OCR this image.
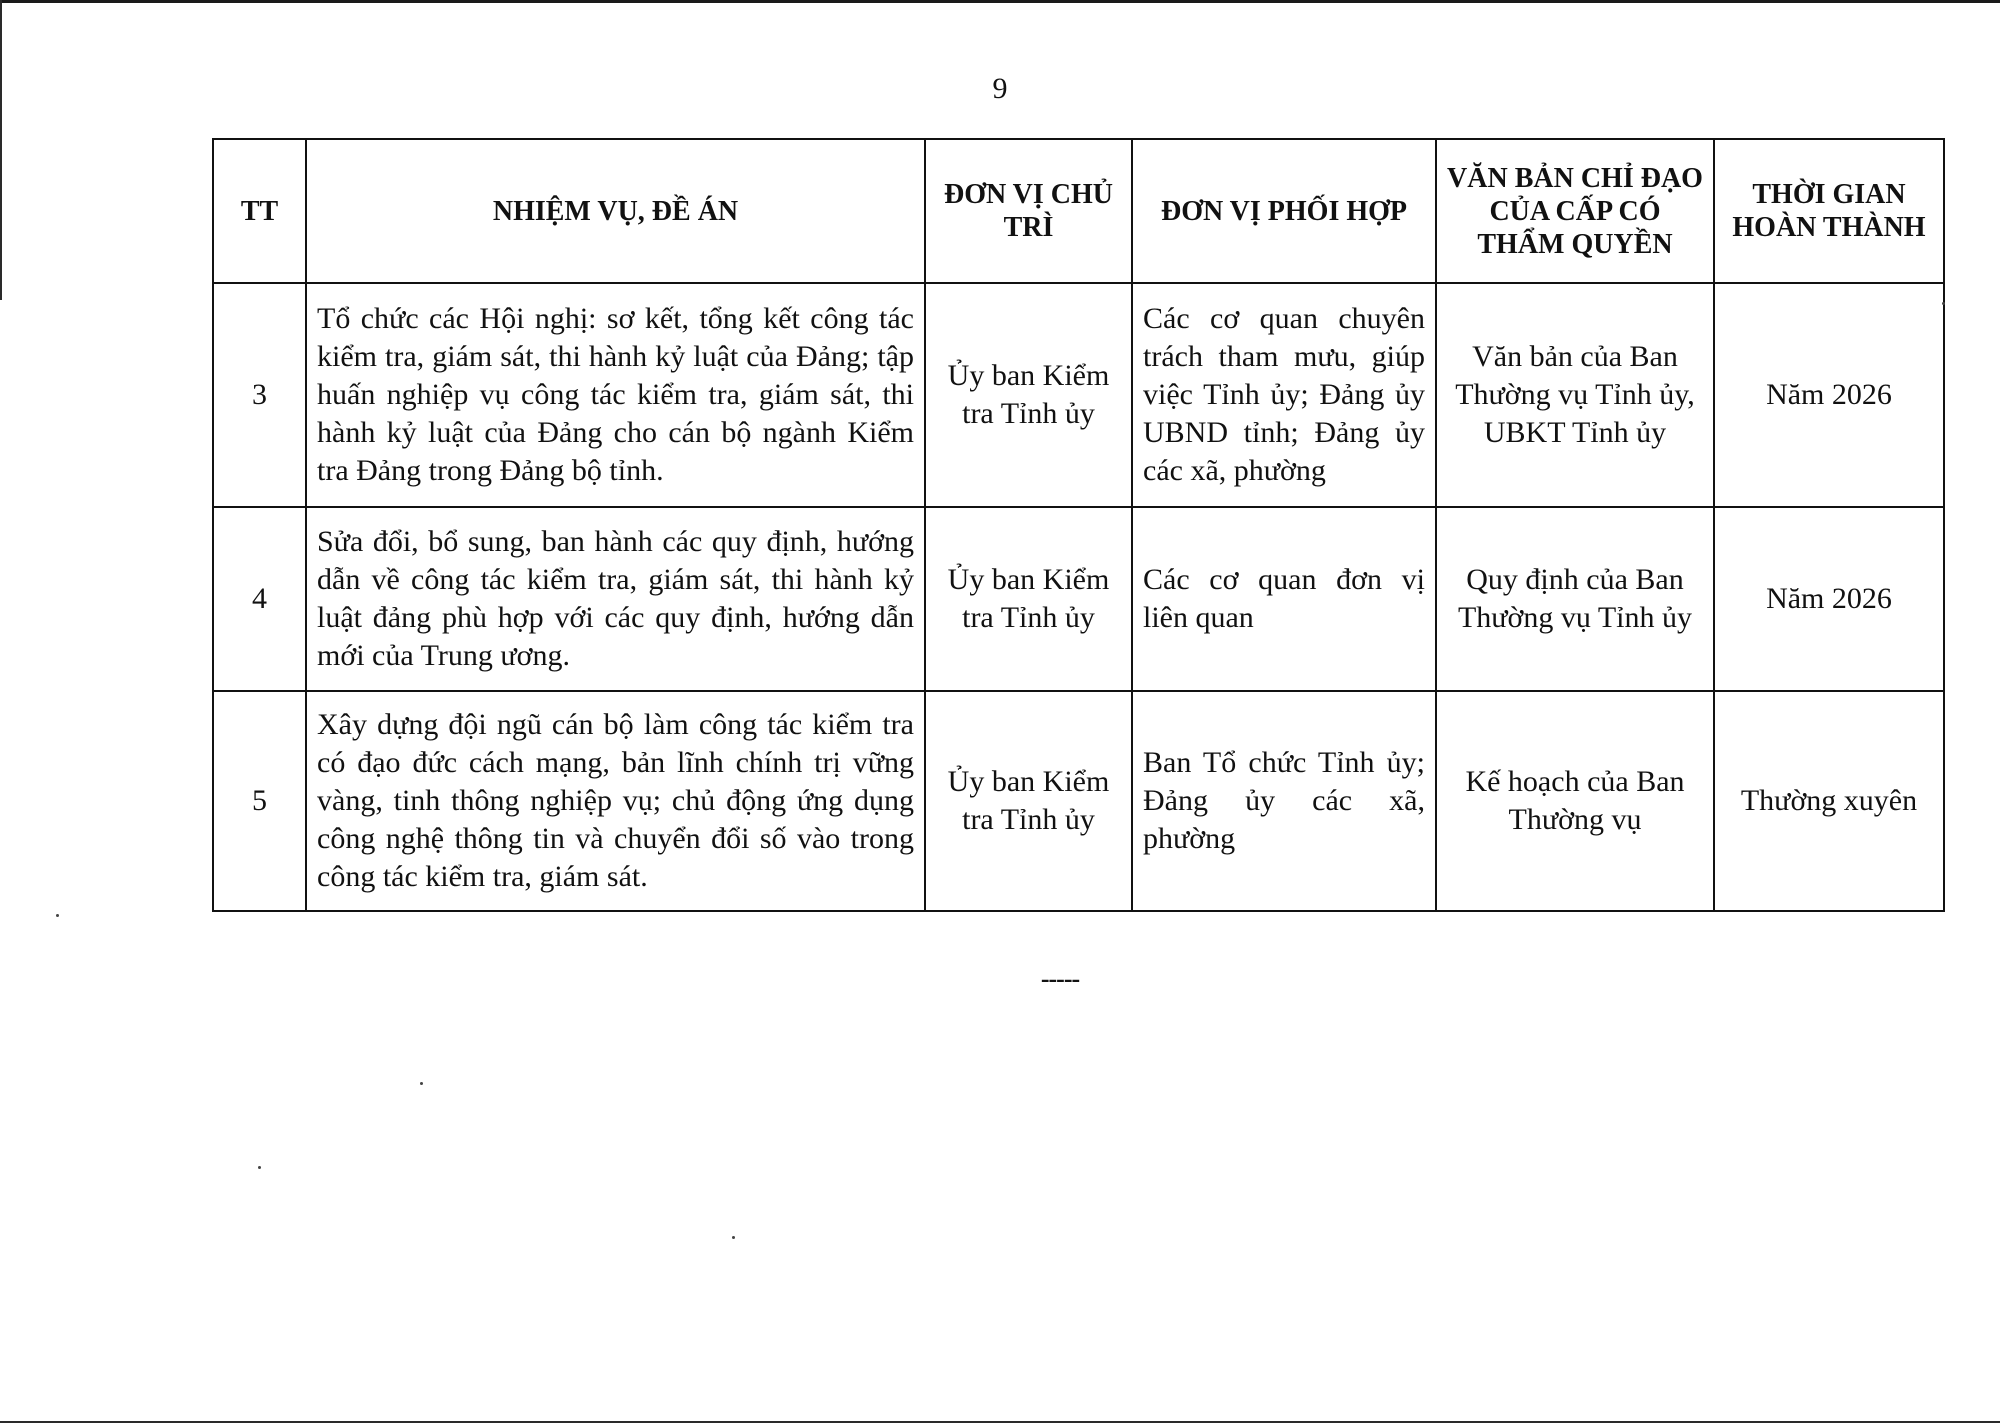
9
TT	NHIỆM VỤ, ĐỀ ÁN	ĐƠN VỊ CHỦ TRÌ	ĐƠN VỊ PHỐI HỢP	VĂN BẢN CHỈ ĐẠO CỦA CẤP CÓ THẨM QUYỀN	THỜI GIAN HOÀN THÀNH
3	Tổ chức các Hội nghị: sơ kết, tổng kết công tác kiểm tra, giám sát, thi hành kỷ luật của Đảng; tập huấn nghiệp vụ công tác kiểm tra, giám sát, thi hành kỷ luật của Đảng cho cán bộ ngành Kiểm tra Đảng trong Đảng bộ tỉnh.	Ủy ban Kiểm tra Tỉnh ủy	Các cơ quan chuyên trách tham mưu, giúp việc Tỉnh ủy; Đảng ủy UBND tỉnh; Đảng ủy các xã, phường	Văn bản của Ban Thường vụ Tỉnh ủy, UBKT Tỉnh ủy	Năm 2026
4	Sửa đổi, bổ sung, ban hành các quy định, hướng dẫn về công tác kiểm tra, giám sát, thi hành kỷ luật đảng phù hợp với các quy định, hướng dẫn mới của Trung ương.	Ủy ban Kiểm tra Tỉnh ủy	Các cơ quan đơn vị liên quan	Quy định của Ban Thường vụ Tỉnh ủy	Năm 2026
5	Xây dựng đội ngũ cán bộ làm công tác kiểm tra có đạo đức cách mạng, bản lĩnh chính trị vững vàng, tinh thông nghiệp vụ; chủ động ứng dụng công nghệ thông tin và chuyển đổi số vào trong công tác kiểm tra, giám sát.	Ủy ban Kiểm tra Tỉnh ủy	Ban Tổ chức Tỉnh ủy; Đảng ủy các xã, phường	Kế hoạch của Ban Thường vụ	Thường xuyên
-----
